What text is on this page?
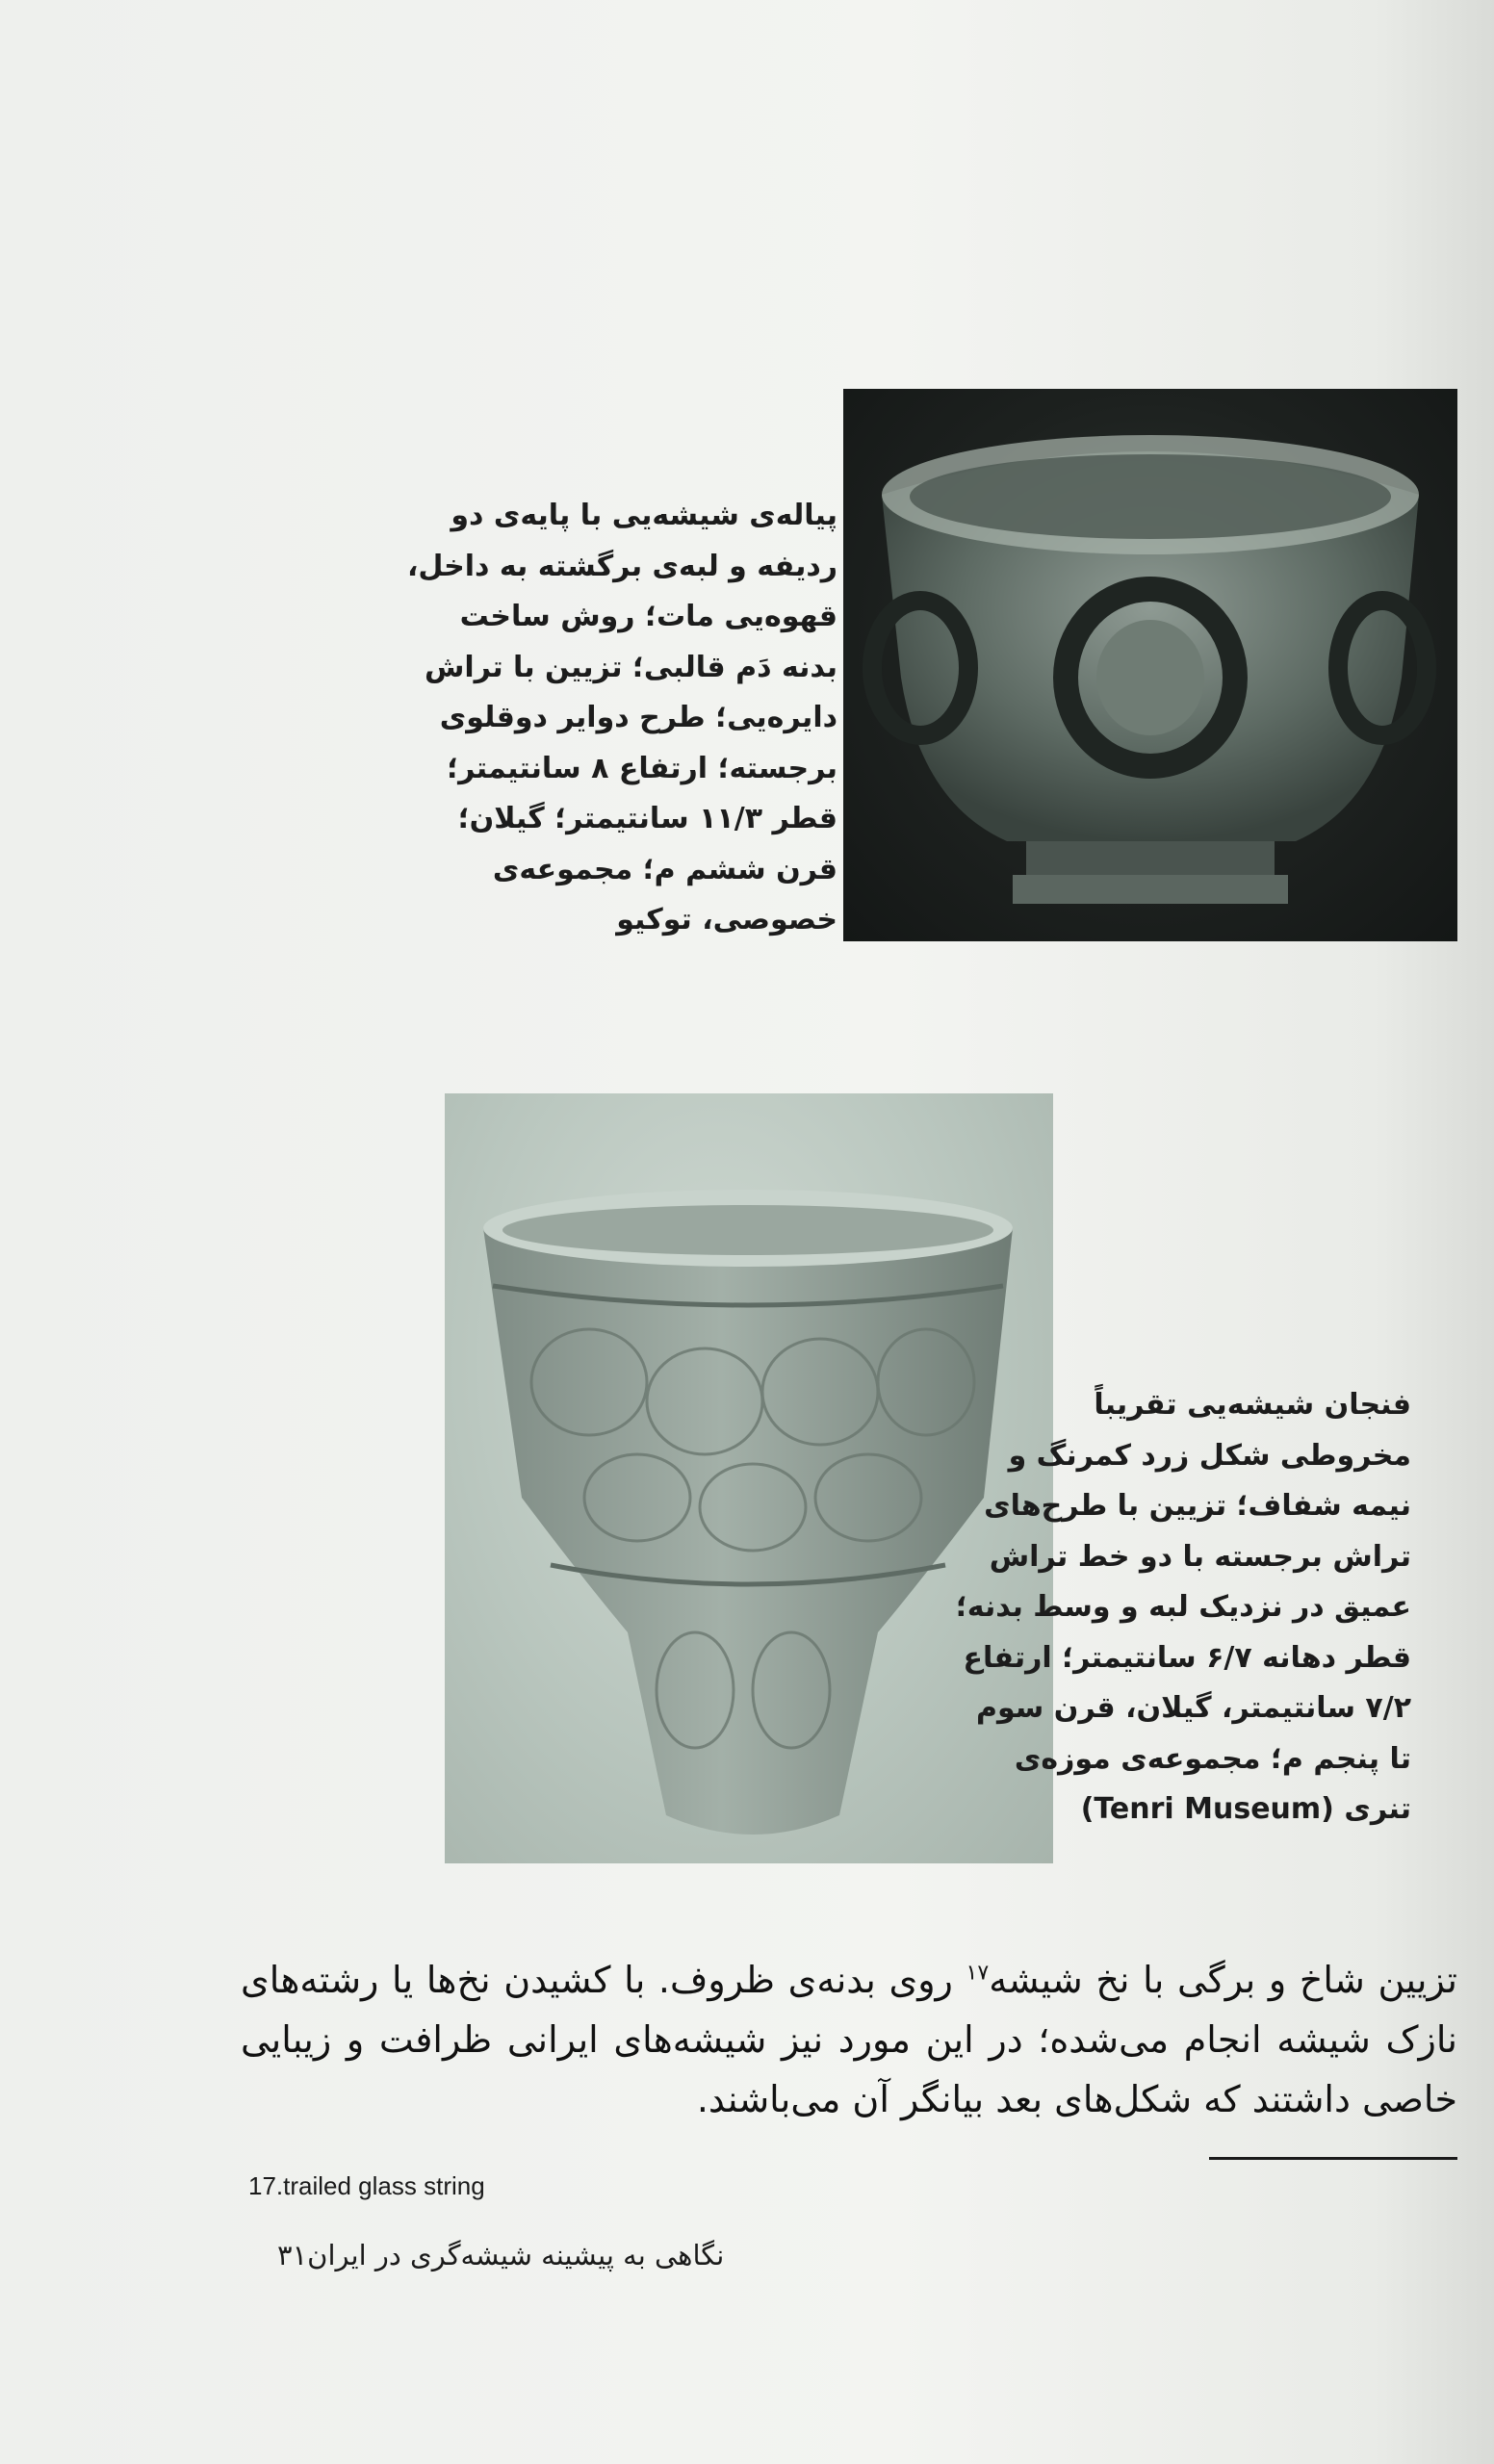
پیاله‌ی شیشه‌یی با پایه‌ی دو
ردیفه و لبه‌ی برگشته به داخل،
قهوه‌یی مات؛ روش ساخت
بدنه دَم قالبی؛ تزیین با تراش
دایره‌یی؛ طرح دوایر دوقلوی
برجسته؛ ارتفاع ۸ سانتیمتر؛
قطر ۱۱/۳ سانتیمتر؛ گیلان؛
قرن ششم م؛ مجموعه‌ی
خصوصی، توکیو
فنجان شیشه‌یی تقریباً
مخروطی شکل زرد کمرنگ و
نیمه شفاف؛ تزیین با طرح‌های
تراش برجسته با دو خط تراش
عمیق در نزدیک لبه و وسط بدنه؛
قطر دهانه ۶/۷ سانتیمتر؛ ارتفاع
۷/۲ سانتیمتر، گیلان، قرن سوم
تا پنجم م؛ مجموعه‌ی موزه‌ی
تنری (Tenri Museum)

تزیین شاخ و برگی با نخ شیشه$^{۱۷}$ روی بدنه‌ی ظروف. با کشیدن نخ‌ها یا رشته‌های نازک شیشه انجام می‌شده؛ در این مورد نیز شیشه‌های ایرانی ظرافت و زیبایی خاصی داشتند که شکل‌های بعد بیانگر آن می‌باشند.

17.trailed glass string
نگاهی به پیشینه شیشه‌گری در ایران۳۱
